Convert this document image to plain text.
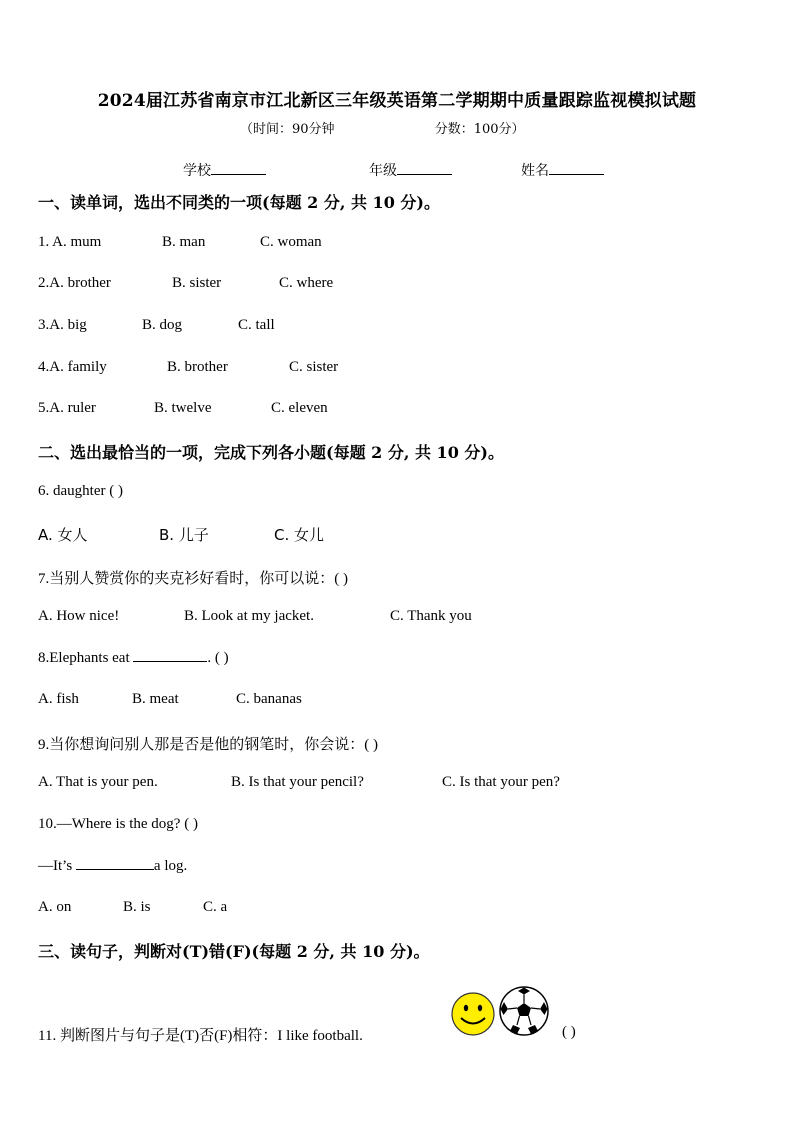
2024届江苏省南京市江北新区三年级英语第二学期期中质量跟踪监视模拟试题
（时间：90分钟	分数：100分）
学校	年级	姓名
一、读单词，选出不同类的一项(每题 2 分, 共 10 分)。
1. A. mum	B. man	C. woman
2.A. brother	B. sister	C. where
3.A. big	B. dog	C. tall
4.A. family	B. brother	C. sister
5.A. ruler	B. twelve	C. eleven
二、选出最恰当的一项，完成下列各小题(每题 2 分, 共 10 分)。
6. daughter ( )
A. 女人	B. 儿子	C. 女儿
7.当别人赞赏你的夹克衫好看时，你可以说：( )
A. How nice!	B. Look at my jacket.	C. Thank you
8.Elephants eat	. ( )
A. fish	B. meat	C. bananas
9.当你想询问别人那是否是他的钢笔时，你会说：( )
A. That is your pen.	B. Is that your pencil?	C. Is that your pen?
10.—Where is the dog? ( )
—It’s	a log.
A. on	B. is	C. a
三、读句子，判断对(T)错(F)(每题 2 分, 共 10 分)。
11. 判断图片与句子是(T)否(F)相符：I like football.	( )
